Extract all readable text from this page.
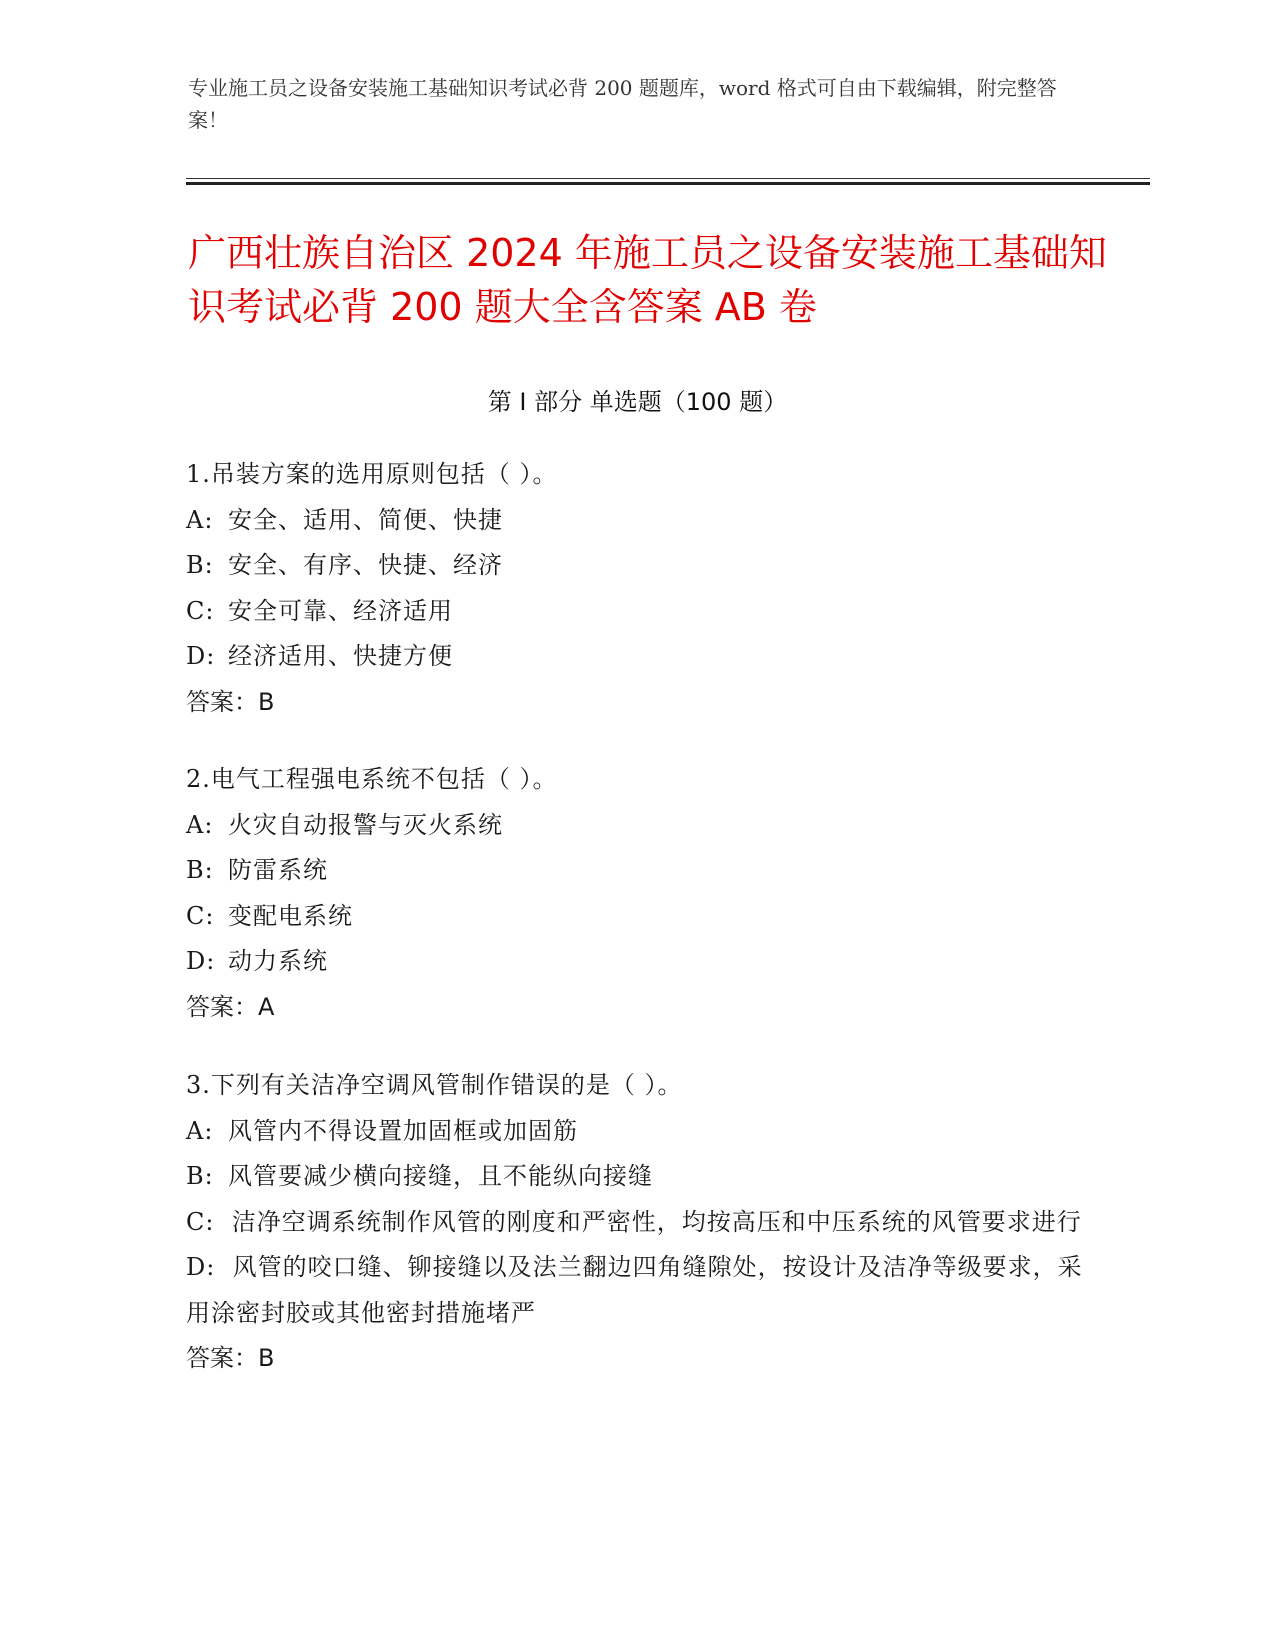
专业施工员之设备安装施工基础知识考试必背 200 题题库，word 格式可自由下载编辑，附完整答案！
广西壮族自治区 2024 年施工员之设备安装施工基础知识考试必背 200 题大全含答案 AB 卷
第 I 部分 单选题（100 题）
1.吊装方案的选用原则包括（ ）。
A: 安全、适用、简便、快捷
B: 安全、有序、快捷、经济
C: 安全可靠、经济适用
D: 经济适用、快捷方便
答案：B
2.电气工程强电系统不包括（ ）。
A: 火灾自动报警与灭火系统
B: 防雷系统
C: 变配电系统
D: 动力系统
答案：A
3.下列有关洁净空调风管制作错误的是（ ）。
A: 风管内不得设置加固框或加固筋
B: 风管要减少横向接缝，且不能纵向接缝
C: 洁净空调系统制作风管的刚度和严密性，均按高压和中压系统的风管要求进行
D: 风管的咬口缝、铆接缝以及法兰翻边四角缝隙处，按设计及洁净等级要求，采用涂密封胶或其他密封措施堵严
答案：B
